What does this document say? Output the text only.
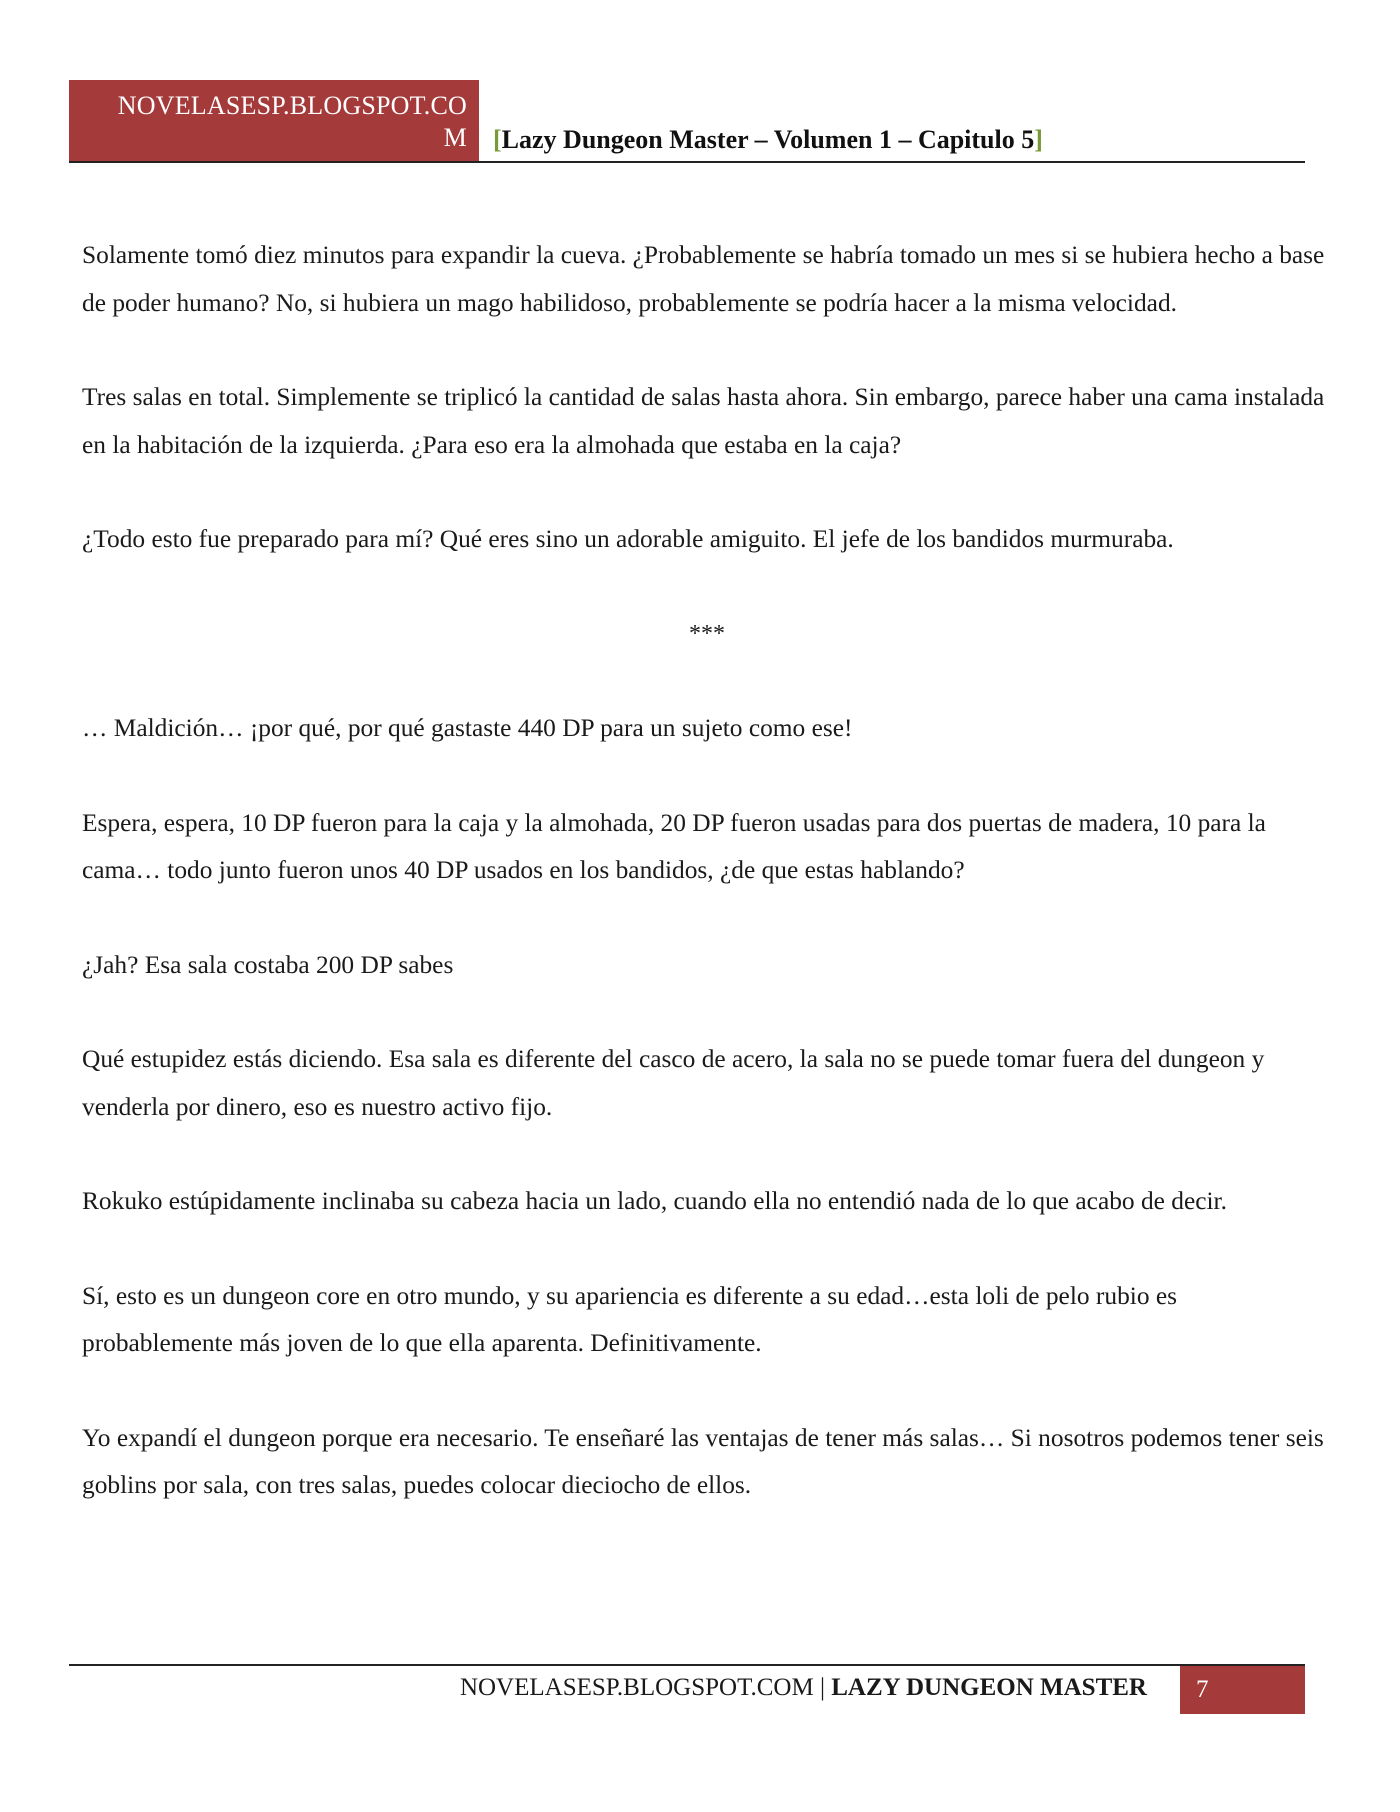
NOVELASESP.BLOGSPOT.CO
M [Lazy Dungeon Master – Volumen 1 – Capitulo 5]

Solamente tomó diez minutos para expandir la cueva. ¿Probablemente se habría tomado un mes si se hubiera hecho a base de poder humano? No, si hubiera un mago habilidoso, probablemente se podría hacer a la misma velocidad.

Tres salas en total. Simplemente se triplicó la cantidad de salas hasta ahora. Sin embargo, parece haber una cama instalada en la habitación de la izquierda. ¿Para eso era la almohada que estaba en la caja?

¿Todo esto fue preparado para mí? Qué eres sino un adorable amiguito. El jefe de los bandidos murmuraba.

***

… Maldición… ¡por qué, por qué gastaste 440 DP para un sujeto como ese!

Espera, espera, 10 DP fueron para la caja y la almohada, 20 DP fueron usadas para dos puertas de madera, 10 para la cama… todo junto fueron unos 40 DP usados en los bandidos, ¿de que estas hablando?

¿Jah? Esa sala costaba 200 DP sabes

Qué estupidez estás diciendo. Esa sala es diferente del casco de acero, la sala no se puede tomar fuera del dungeon y venderla por dinero, eso es nuestro activo fijo.

Rokuko estúpidamente inclinaba su cabeza hacia un lado, cuando ella no entendió nada de lo que acabo de decir.

Sí, esto es un dungeon core en otro mundo, y su apariencia es diferente a su edad…esta loli de pelo rubio es probablemente más joven de lo que ella aparenta. Definitivamente.

Yo expandí el dungeon porque era necesario. Te enseñaré las ventajas de tener más salas… Si nosotros podemos tener seis goblins por sala, con tres salas, puedes colocar dieciocho de ellos.

NOVELASESP.BLOGSPOT.COM | LAZY DUNGEON MASTER	7
